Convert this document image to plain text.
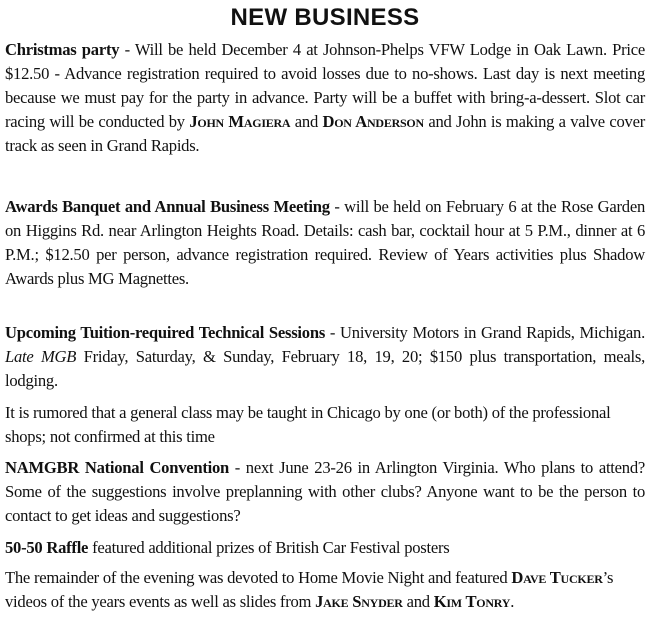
NEW BUSINESS
Christmas party - Will be held December 4 at Johnson-Phelps VFW Lodge in Oak Lawn. Price $12.50 - Advance registration required to avoid losses due to no-shows. Last day is next meeting because we must pay for the party in advance. Party will be a buffet with bring-a-dessert. Slot car racing will be conducted by John Magiera and Don Anderson and John is making a valve cover track as seen in Grand Rapids.
Awards Banquet and Annual Business Meeting - will be held on February 6 at the Rose Garden on Higgins Rd. near Arlington Heights Road. Details: cash bar, cocktail hour at 5 P.M., dinner at 6 P.M.; $12.50 per person, advance registration required. Review of Years activities plus Shadow Awards plus MG Magnettes.
Upcoming Tuition-required Technical Sessions - University Motors in Grand Rapids, Michigan. Late MGB Friday, Saturday, & Sunday, February 18, 19, 20; $150 plus transportation, meals, lodging.
It is rumored that a general class may be taught in Chicago by one (or both) of the professional shops; not confirmed at this time
NAMGBR National Convention - next June 23-26 in Arlington Virginia. Who plans to attend? Some of the suggestions involve preplanning with other clubs? Anyone want to be the person to contact to get ideas and suggestions?
50-50 Raffle featured additional prizes of British Car Festival posters
The remainder of the evening was devoted to Home Movie Night and featured Dave Tucker’s videos of the years events as well as slides from Jake Snyder and Kim Tonry.
